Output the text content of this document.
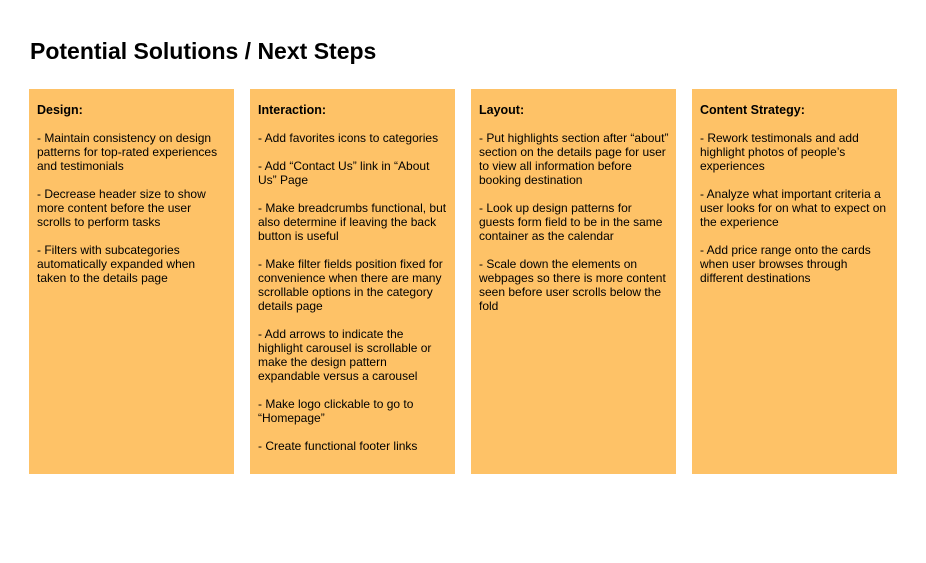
Potential Solutions / Next Steps
Design:
- Maintain consistency on design patterns for top-rated experiences and testimonials
- Decrease header size to show more content before the user scrolls to perform tasks
- Filters with subcategories automatically expanded when taken to the details page
Interaction:
- Add favorites icons to categories
- Add “Contact Us” link in “About Us” Page
- Make breadcrumbs functional, but also determine if leaving the back button is useful
- Make filter fields position fixed for convenience when there are many scrollable options in the category details page
- Add arrows to indicate the highlight carousel is scrollable or make the design pattern expandable versus a carousel
- Make logo clickable to go to “Homepage”
- Create functional footer links
Layout:
- Put highlights section after “about” section on the details page for user to view all information before booking destination
- Look up design patterns for guests form field to be in the same container as the calendar
- Scale down the elements on webpages so there is more content seen before user scrolls below the fold
Content Strategy:
- Rework testimonals and add highlight photos of people’s experiences
- Analyze what important criteria a user looks for on what to expect on the experience
- Add price range onto the cards when user browses through different destinations
